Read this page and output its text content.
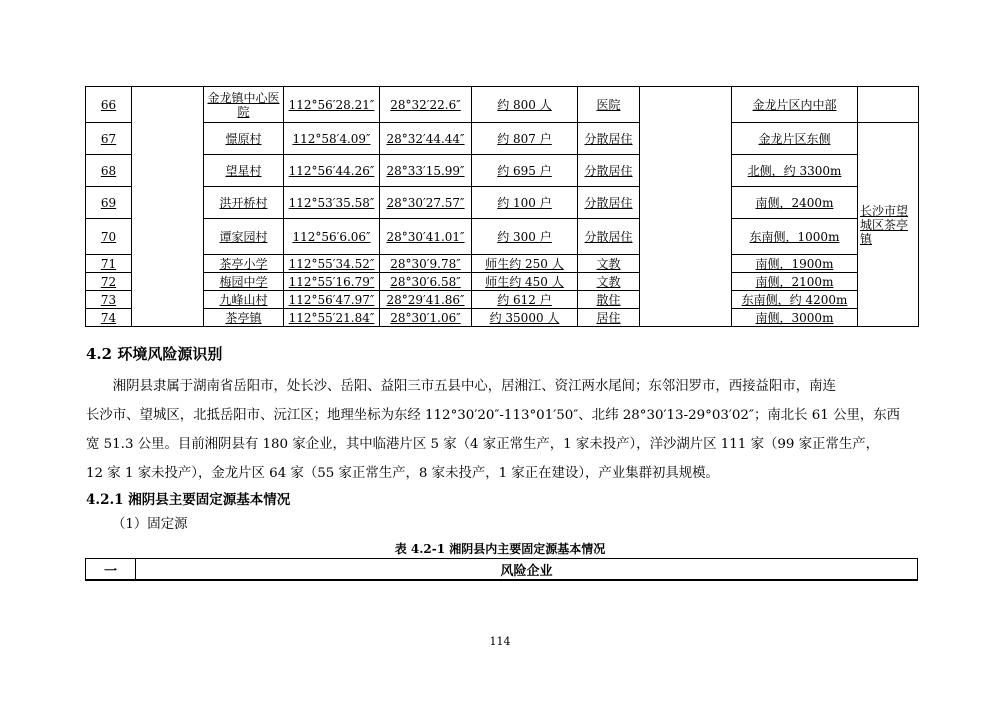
66		金龙镇中心医院	112°56′28.21″	28°32′22.6″	约 800 人	医院		金龙片区内中部	
67		憬原村	112°58′4.09″	28°32′44.44″	约 807 户	分散居住		金龙片区东侧	长沙市望城区茶亭镇
68		望星村	112°56′44.26″	28°33′15.99″	约 695 户	分散居住		北侧，约 3300m	
69		洪开桥村	112°53′35.58″	28°30′27.57″	约 100 户	分散居住		南侧，2400m	
70		谭家园村	112°56′6.06″	28°30′41.01″	约 300 户	分散居住		东南侧，1000m	
71		茶亭小学	112°55′34.52″	28°30′9.78″	师生约 250 人	文教		南侧，1900m	
72		梅园中学	112°55′16.79″	28°30′6.58″	师生约 450 人	文教		南侧，2100m	
73		九峰山村	112°56′47.97″	28°29′41.86″	约 612 户	散住		东南侧，约 4200m	
74		茶亭镇	112°55′21.84″	28°30′1.06″	约 35000 人	居住		南侧，3000m	
4.2 环境风险源识别
湘阴县隶属于湖南省岳阳市，处长沙、岳阳、益阳三市五县中心，居湘江、资江两水尾间；东邻汨罗市，西接益阳市，南连
长沙市、望城区，北抵岳阳市、沅江区；地理坐标为东经 112°30′20″-113°01′50″、北纬 28°30′13-29°03′02″；南北长 61 公里，东西
宽 51.3 公里。目前湘阴县有 180 家企业，其中临港片区 5 家（4 家正常生产，1 家未投产），洋沙湖片区 111 家（99 家正常生产，
12 家 1 家未投产），金龙片区 64 家（55 家正常生产，8 家未投产，1 家正在建设），产业集群初具规模。
4.2.1 湘阴县主要固定源基本情况
（1）固定源
表 4.2-1 湘阴县内主要固定源基本情况
一	风险企业
114
